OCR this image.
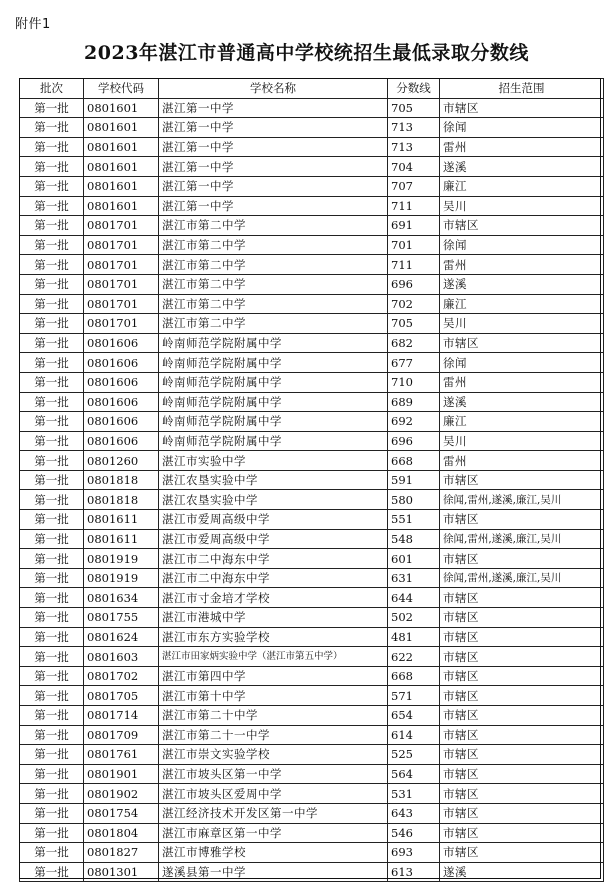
附件1
2023年湛江市普通高中学校统招生最低录取分数线
批次	学校代码	学校名称	分数线	招生范围
第一批	0801601	湛江第一中学	705	市辖区
第一批	0801601	湛江第一中学	713	徐闻
第一批	0801601	湛江第一中学	713	雷州
第一批	0801601	湛江第一中学	704	遂溪
第一批	0801601	湛江第一中学	707	廉江
第一批	0801601	湛江第一中学	711	吴川
第一批	0801701	湛江市第二中学	691	市辖区
第一批	0801701	湛江市第二中学	701	徐闻
第一批	0801701	湛江市第二中学	711	雷州
第一批	0801701	湛江市第二中学	696	遂溪
第一批	0801701	湛江市第二中学	702	廉江
第一批	0801701	湛江市第二中学	705	吴川
第一批	0801606	岭南师范学院附属中学	682	市辖区
第一批	0801606	岭南师范学院附属中学	677	徐闻
第一批	0801606	岭南师范学院附属中学	710	雷州
第一批	0801606	岭南师范学院附属中学	689	遂溪
第一批	0801606	岭南师范学院附属中学	692	廉江
第一批	0801606	岭南师范学院附属中学	696	吴川
第一批	0801260	湛江市实验中学	668	雷州
第一批	0801818	湛江农垦实验中学	591	市辖区
第一批	0801818	湛江农垦实验中学	580	徐闻,雷州,遂溪,廉江,吴川
第一批	0801611	湛江市爱周高级中学	551	市辖区
第一批	0801611	湛江市爱周高级中学	548	徐闻,雷州,遂溪,廉江,吴川
第一批	0801919	湛江市二中海东中学	601	市辖区
第一批	0801919	湛江市二中海东中学	631	徐闻,雷州,遂溪,廉江,吴川
第一批	0801634	湛江市寸金培才学校	644	市辖区
第一批	0801755	湛江市港城中学	502	市辖区
第一批	0801624	湛江市东方实验学校	481	市辖区
第一批	0801603	湛江市田家炳实验中学（湛江市第五中学）	622	市辖区
第一批	0801702	湛江市第四中学	668	市辖区
第一批	0801705	湛江市第十中学	571	市辖区
第一批	0801714	湛江市第二十中学	654	市辖区
第一批	0801709	湛江市第二十一中学	614	市辖区
第一批	0801761	湛江市崇文实验学校	525	市辖区
第一批	0801901	湛江市坡头区第一中学	564	市辖区
第一批	0801902	湛江市坡头区爱周中学	531	市辖区
第一批	0801754	湛江经济技术开发区第一中学	643	市辖区
第一批	0801804	湛江市麻章区第一中学	546	市辖区
第一批	0801827	湛江市博雅学校	693	市辖区
第一批	0801301	遂溪县第一中学	613	遂溪
